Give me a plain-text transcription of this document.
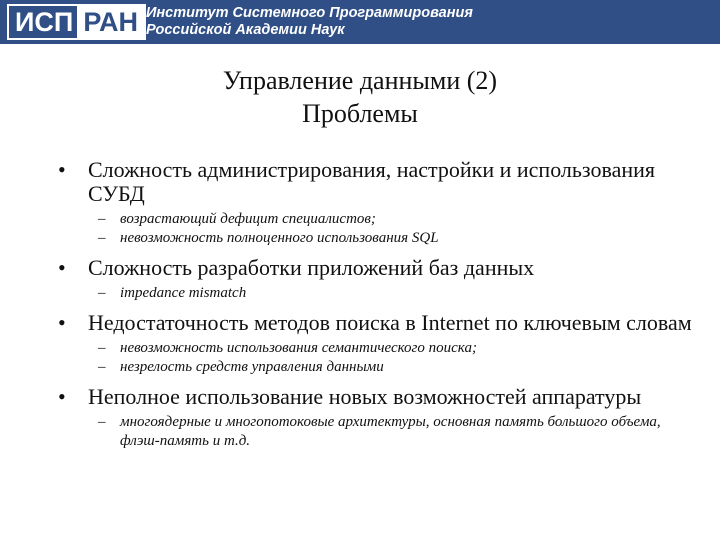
ИСП РАН Институт Системного Программирования
Российской Академии Наук
Управление данными (2)
Проблемы
• Сложность администрирования, настройки и использования СУБД
– возрастающий дефицит специалистов;
– невозможность полноценного использования SQL
• Сложность разработки приложений баз данных
– impedance mismatch
• Недостаточность методов поиска в Internet по ключевым словам
– невозможность использования семантического поиска;
– незрелость средств управления данными
• Неполное использование новых возможностей аппаратуры
– многоядерные и многопотоковые архитектуры, основная память большого объема, флэш-память и т.д.
